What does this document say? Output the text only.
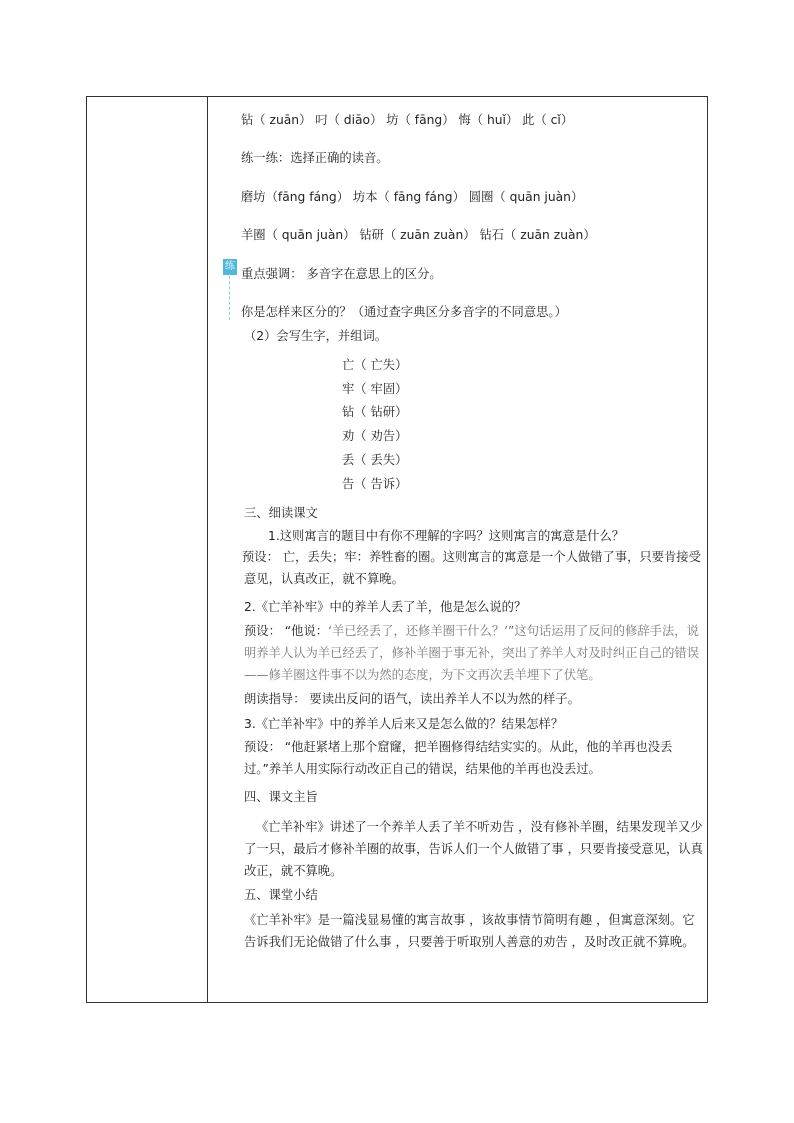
钻（ zuān） 叼（ diāo） 坊（ fāng） 悔（ huǐ） 此（ cǐ）
练一练：选择正确的读音。
磨坊（fāng fáng） 坊本（ fāng fáng） 圆圈（ quān juàn）
羊圈（ quān juàn） 钻研（ zuān zuàn） 钻石（ zuān zuàn）
重点强调： 多音字在意思上的区分。
你是怎样来区分的？（通过查字典区分多音字的不同意思。）
（2）会写生字，并组词。
练
亡（ 亡失）
牢（ 牢固）
钻（ 钻研）
劝（ 劝告）
丢（ 丢失）
告（ 告诉）
三、细读课文
1.这则寓言的题目中有你不理解的字吗？这则寓言的寓意是什么？
预设： 亡，丢失；牢：养牲畜的圈。这则寓言的寓意是一个人做错了事，只要肯接受意见，认真改正，就不算晚。
2.《亡羊补牢》中的养羊人丢了羊，他是怎么说的？
预设： “他说：‘羊已经丢了，还修羊圈干什么？’”这句话运用了反问的修辞手法，说明养羊人认为羊已经丢了，修补羊圈于事无补，突出了养羊人对及时纠正自己的错误——修羊圈这件事不以为然的态度，为下文再次丢羊埋下了伏笔。
朗读指导： 要读出反问的语气，读出养羊人不以为然的样子。
3.《亡羊补牢》中的养羊人后来又是怎么做的？结果怎样？
预设： “他赶紧堵上那个窟窿，把羊圈修得结结实实的。从此，他的羊再也没丢过。”养羊人用实际行动改正自己的错误，结果他的羊再也没丢过。
四、课文主旨
《亡羊补牢》讲述了一个养羊人丢了羊不听劝告 ，没有修补羊圈，结果发现羊又少了一只，最后才修补羊圈的故事，告诉人们一个人做错了事 ，只要肯接受意见，认真改正，就不算晚。
五、课堂小结
《亡羊补牢》是一篇浅显易懂的寓言故事 ，该故事情节简明有趣 ，但寓意深刻。它告诉我们无论做错了什么事 ，只要善于听取别人善意的劝告 ，及时改正就不算晚。
